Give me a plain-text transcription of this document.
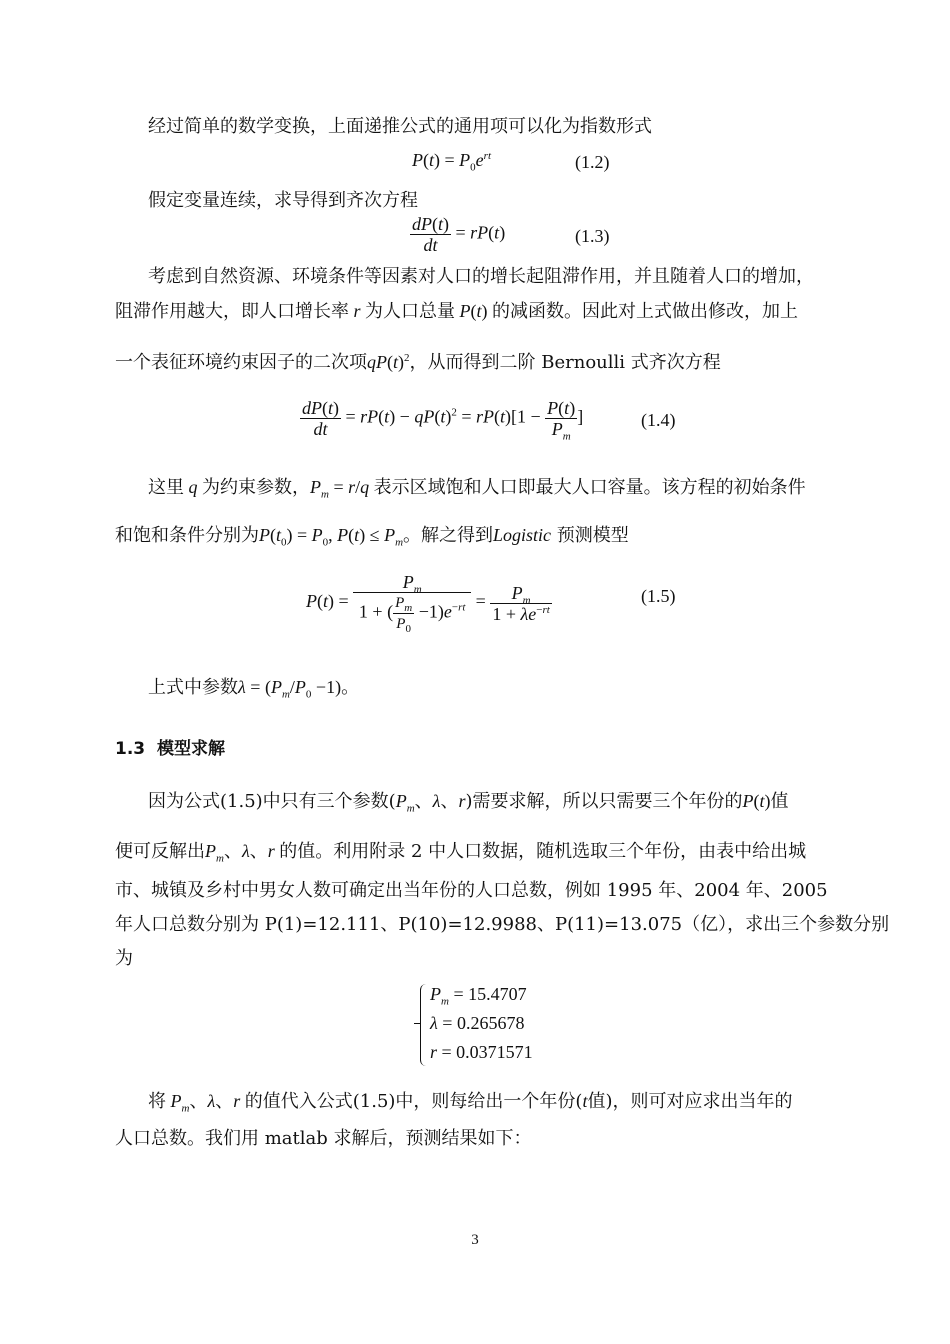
经过简单的数学变换，上面递推公式的通用项可以化为指数形式
$P(t) = P_0e^{rt}$	(1.2)
假定变量连续，求导得到齐次方程
$\frac{dP(t)}{dt} = rP(t)$	(1.3)
考虑到自然资源、环境条件等因素对人口的增长起阻滞作用，并且随着人口的增加，
阻滞作用越大，即人口增长率 r 为人口总量 P(t) 的减函数。因此对上式做出修改，加上
一个表征环境约束因子的二次项$qP(t)^2$，从而得到二阶 Bernoulli 式齐次方程
$\frac{dP(t)}{dt} = rP(t) - qP(t)^2 = rP(t)[1 - \frac{P(t)}{P_m}$ ]	(1.4)
这里 q 为约束参数，$P_m = r/q$ 表示区域饱和人口即最大人口容量。该方程的初始条件
和饱和条件分别为$P(t_0) = P_0$, $P(t) \le P_m$。解之得到Logistic 预测模型
$P(t) = \frac{P_m}{1 + ( \frac{P_m}{P_0} -1)e^{-rt}} = \frac{P_m}{1 + \lambda e^{-rt}}$	(1.5)
上式中参数$\lambda = (P_m/P_0 -1)$。
1.3 模型求解
因为公式(1.5)中只有三个参数($P_m$、λ、r)需要求解，所以只需要三个年份的P(t)值
便可反解出$P_m$、λ、r 的值。利用附录 2 中人口数据，随机选取三个年份，由表中给出城
市、城镇及乡村中男女人数可确定出当年份的人口总数，例如 1995 年、2004 年、2005
年人口总数分别为 P(1)=12.111、P(10)=12.9988、P(11)=13.075（亿），求出三个参数分别
为
$P_m = 15.4707$
λ = 0.265678
r = 0.0371571
将 $P_m$、λ、r 的值代入公式(1.5)中，则每给出一个年份(t值)，则可对应求出当年的
人口总数。我们用 matlab 求解后，预测结果如下：
3
